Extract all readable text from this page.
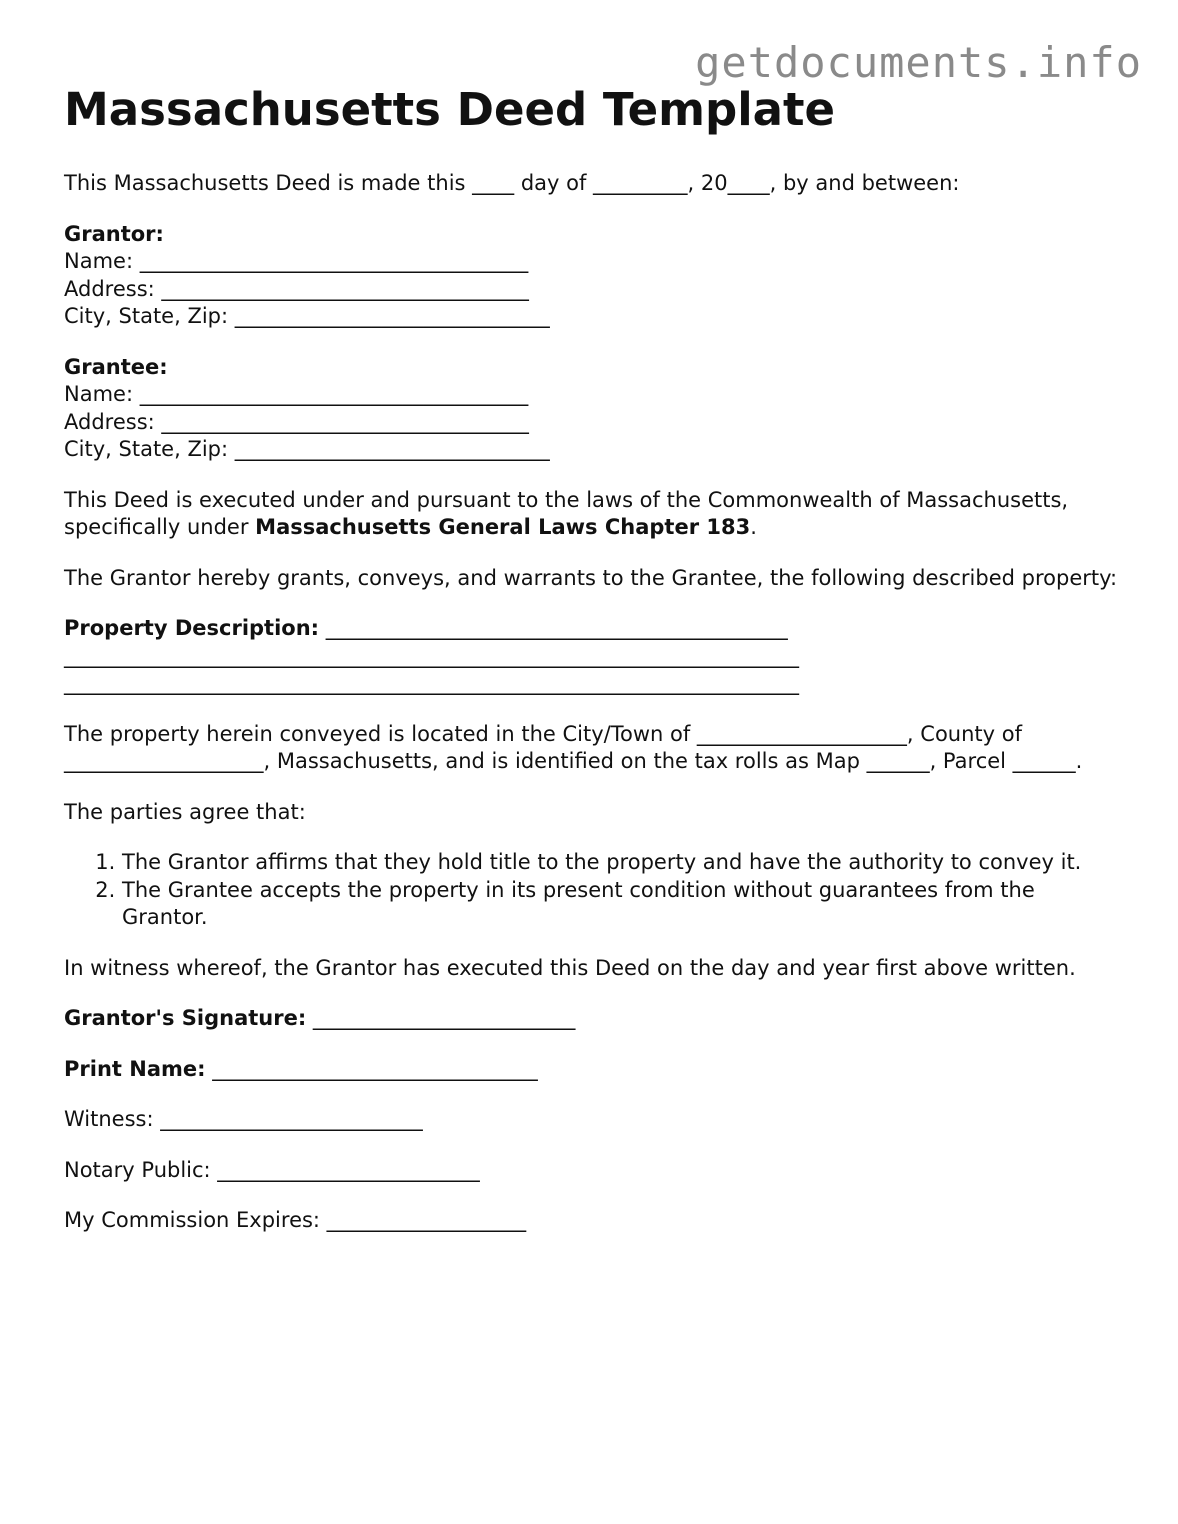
getdocuments.info
Massachusetts Deed Template

This Massachusetts Deed is made this ____ day of _________, 20____, by and between:

Grantor:

Name: _____________________________________

Address: ___________________________________

City, State, Zip: ______________________________

Grantee:

Name: _____________________________________

Address: ___________________________________

City, State, Zip: ______________________________

This Deed is executed under and pursuant to the laws of the Commonwealth of Massachusetts, specifically under Massachusetts General Laws Chapter 183.

The Grantor hereby grants, conveys, and warrants to the Grantee, the following described property:

Property Description: ____________________________________________

______________________________________________________________________

______________________________________________________________________

The property herein conveyed is located in the City/Town of ____________________, County of ___________________, Massachusetts, and is identified on the tax rolls as Map ______, Parcel ______.

The parties agree that:

1. The Grantor affirms that they hold title to the property and have the authority to convey it.
2. The Grantee accepts the property in its present condition without guarantees from the Grantor.

In witness whereof, the Grantor has executed this Deed on the day and year first above written.

Grantor's Signature: _________________________

Print Name: _______________________________

Witness: _________________________

Notary Public: _________________________

My Commission Expires: ___________________
